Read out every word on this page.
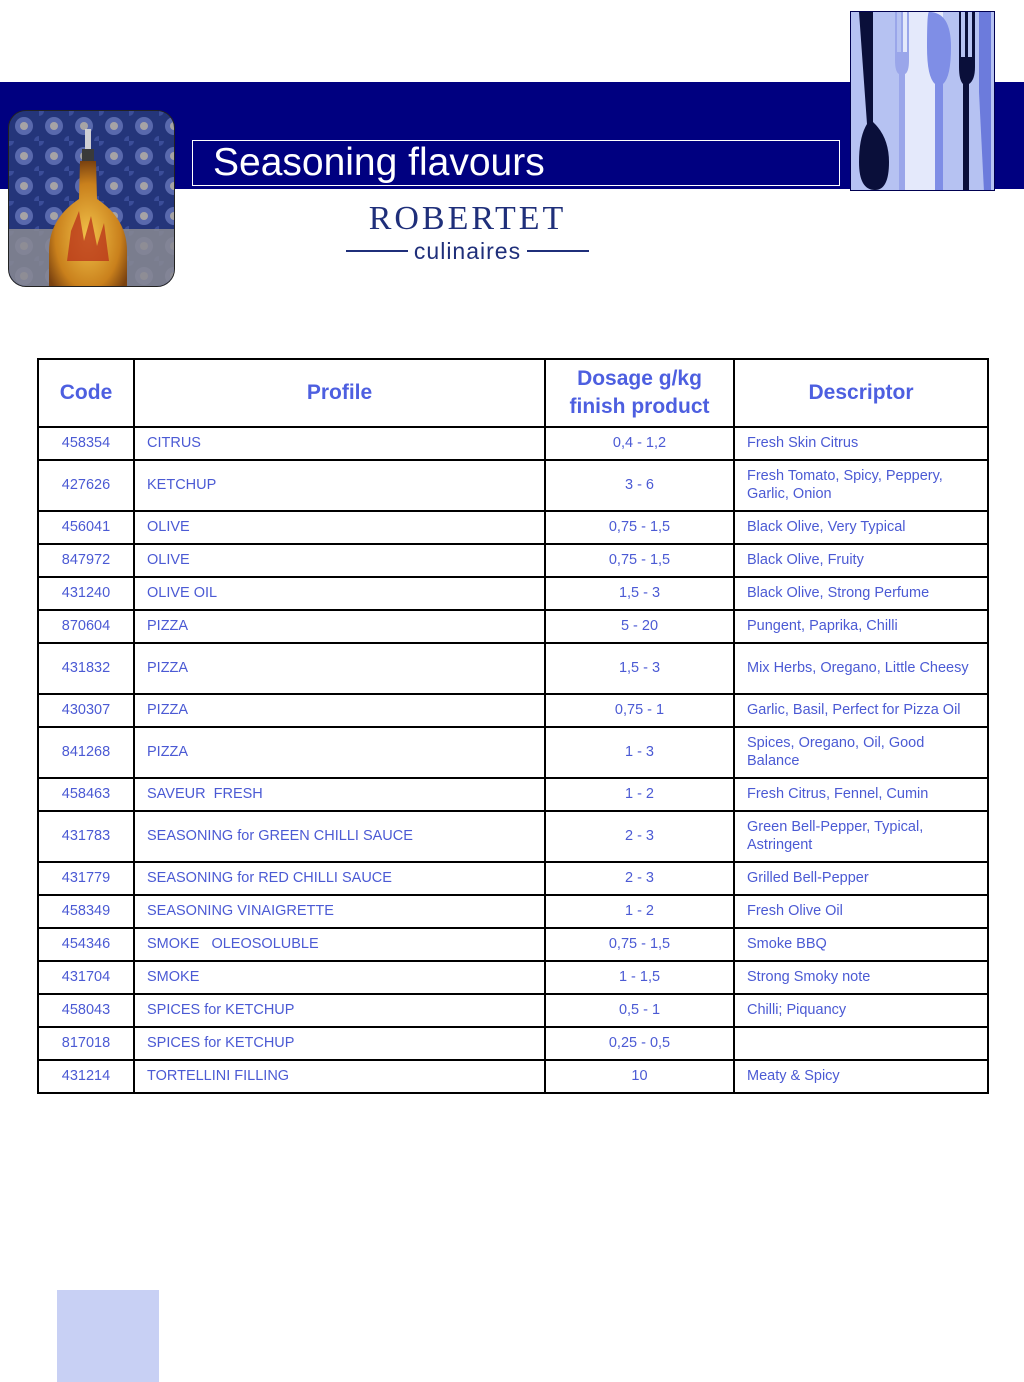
Seasoning flavours
ROBERTET
culinaires
Code	Profile	Dosage g/kg finish product	Descriptor
458354	CITRUS	0,4 - 1,2	Fresh Skin Citrus
427626	KETCHUP	3 - 6	Fresh Tomato, Spicy, Peppery, Garlic, Onion
456041	OLIVE	0,75 - 1,5	Black Olive, Very Typical
847972	OLIVE	0,75 - 1,5	Black Olive, Fruity
431240	OLIVE OIL	1,5 - 3	Black Olive, Strong Perfume
870604	PIZZA	5 - 20	Pungent, Paprika, Chilli
431832	PIZZA	1,5 - 3	Mix Herbs, Oregano, Little Cheesy
430307	PIZZA	0,75 - 1	Garlic, Basil, Perfect for Pizza Oil
841268	PIZZA	1 - 3	Spices, Oregano, Oil, Good Balance
458463	SAVEUR  FRESH	1 - 2	Fresh Citrus, Fennel, Cumin
431783	SEASONING for GREEN CHILLI SAUCE	2 - 3	Green Bell-Pepper, Typical, Astringent
431779	SEASONING for RED CHILLI SAUCE	2 - 3	Grilled Bell-Pepper
458349	SEASONING VINAIGRETTE	1 - 2	Fresh Olive Oil
454346	SMOKE   OLEOSOLUBLE	0,75 - 1,5	Smoke BBQ
431704	SMOKE	1 - 1,5	Strong Smoky note
458043	SPICES for KETCHUP	0,5 - 1	Chilli; Piquancy
817018	SPICES for KETCHUP	0,25 - 0,5	
431214	TORTELLINI FILLING	10	Meaty & Spicy
